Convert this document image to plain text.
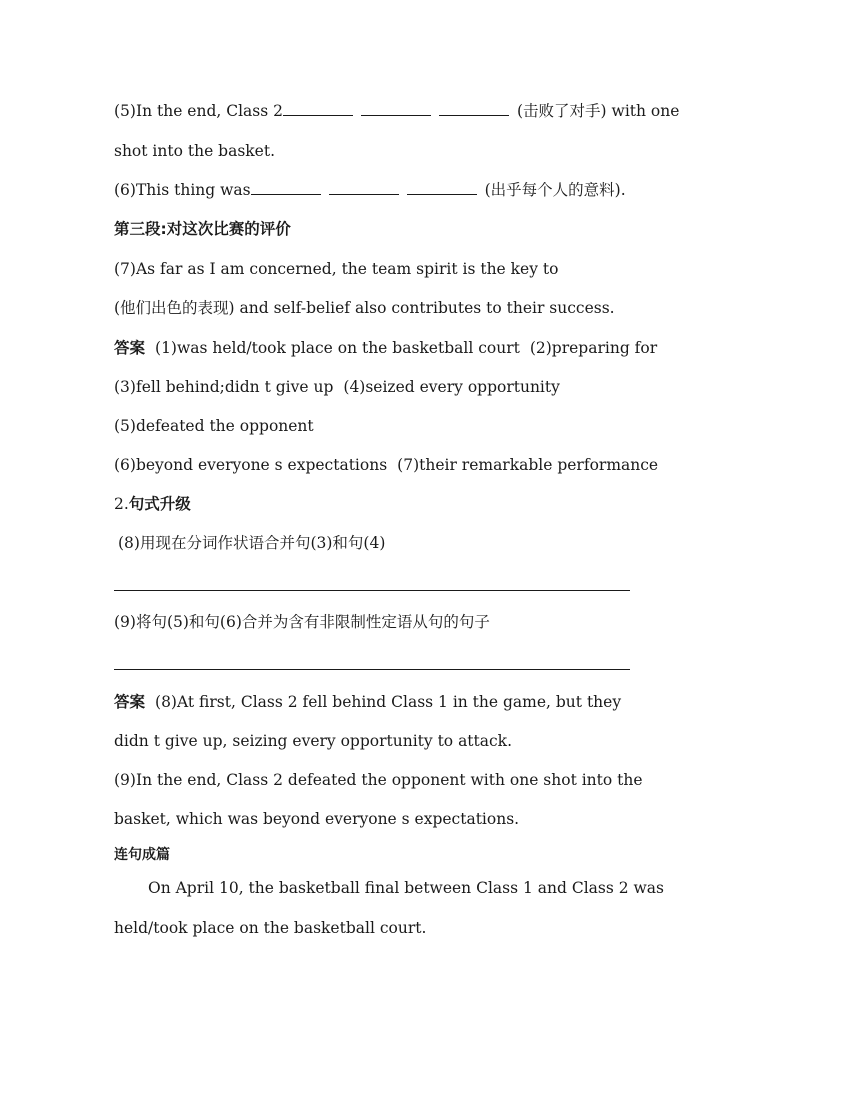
(5)In the end, Class 2	(击败了对手) with one
shot into the basket.
(6)This thing was	(出乎每个人的意料).
第三段:对这次比赛的评价
(7)As far as I am concerned, the team spirit is the key to
(他们出色的表现) and self-belief also contributes to their success.
答案 (1)was held/took place on the basketball court (2)preparing for
(3)fell behind;didn t give up (4)seized every opportunity
(5)defeated the opponent
(6)beyond everyone s expectations (7)their remarkable performance
2.句式升级
(8)用现在分词作状语合并句(3)和句(4)
(9)将句(5)和句(6)合并为含有非限制性定语从句的句子
答案 (8)At first, Class 2 fell behind Class 1 in the game, but they
didn t give up, seizing every opportunity to attack.
(9)In the end, Class 2 defeated the opponent with one shot into the
basket, which was beyond everyone s expectations.
连句成篇
On April 10, the basketball final between Class 1 and Class 2 was
held/took place on the basketball court.
